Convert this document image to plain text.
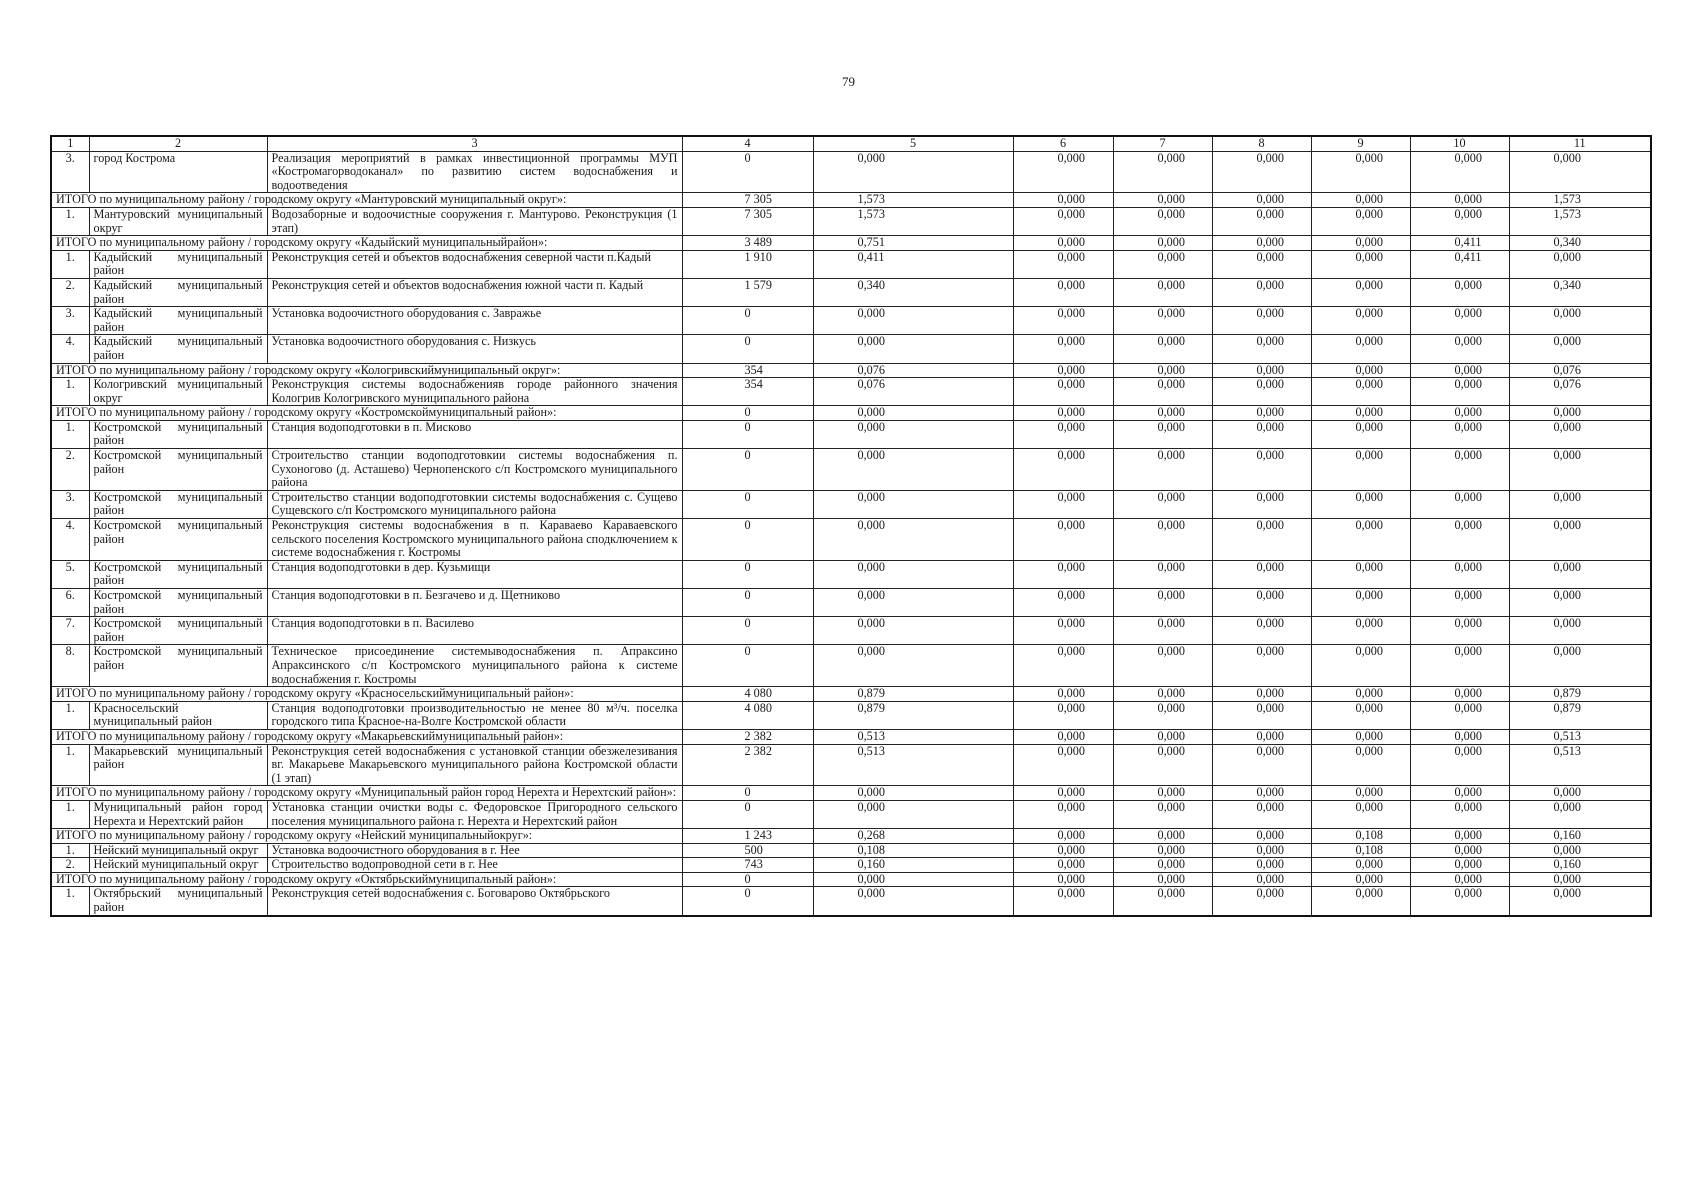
79
1	2	3	4	5	6	7	8	9	10	11
3.	город Кострома	Реализация мероприятий в рамках инвестиционной программы МУП «Костромагорводоканал» по развитию систем водоснабжения и водоотведения	0	0,000	0,000	0,000	0,000	0,000	0,000	0,000
ИТОГО по муниципальному району / городскому округу «Мантуровский муниципальный округ»:			7 305	1,573	0,000	0,000	0,000	0,000	0,000	1,573
1.	Мантуровский муниципальный округ	Водозаборные и водоочистные сооружения г. Мантурово. Реконструкция (1 этап)	7 305	1,573	0,000	0,000	0,000	0,000	0,000	1,573
ИТОГО по муниципальному району / городскому округу «Кадыйский муниципальныйрайон»:			3 489	0,751	0,000	0,000	0,000	0,000	0,411	0,340
1.	Кадыйский муниципальный район	Реконструкция сетей и объектов водоснабжения северной части п.Кадый	1 910	0,411	0,000	0,000	0,000	0,000	0,411	0,000
2.	Кадыйский муниципальный район	Реконструкция сетей и объектов водоснабжения южной части п. Кадый	1 579	0,340	0,000	0,000	0,000	0,000	0,000	0,340
3.	Кадыйский муниципальный район	Установка водоочистного оборудования с. Завражье	0	0,000	0,000	0,000	0,000	0,000	0,000	0,000
4.	Кадыйский муниципальный район	Установка водоочистного оборудования с. Низкусь	0	0,000	0,000	0,000	0,000	0,000	0,000	0,000
ИТОГО по муниципальному району / городскому округу «Кологривскиймуниципальный округ»:			354	0,076	0,000	0,000	0,000	0,000	0,000	0,076
1.	Кологривский муниципальный округ	Реконструкция системы водоснабженияв городе районного значения Кологрив Кологривского муниципального района	354	0,076	0,000	0,000	0,000	0,000	0,000	0,076
ИТОГО по муниципальному району / городскому округу «Костромскоймуниципальный район»:			0	0,000	0,000	0,000	0,000	0,000	0,000	0,000
1.	Костромской муниципальный район	Станция водоподготовки в п. Мисково	0	0,000	0,000	0,000	0,000	0,000	0,000	0,000
2.	Костромской муниципальный район	Строительство станции водоподготовкии системы водоснабжения п. Сухоногово (д. Асташево) Чернопенского с/п Костромского муниципального района	0	0,000	0,000	0,000	0,000	0,000	0,000	0,000
3.	Костромской муниципальный район	Строительство станции водоподготовкии системы водоснабжения с. Сущево Сущевского с/п Костромского муниципального района	0	0,000	0,000	0,000	0,000	0,000	0,000	0,000
4.	Костромской муниципальный район	Реконструкция системы водоснабжения в п. Караваево Караваевского сельского поселения Костромского муниципального района сподключением к системе водоснабжения г. Костромы	0	0,000	0,000	0,000	0,000	0,000	0,000	0,000
5.	Костромской муниципальный район	Станция водоподготовки в дер. Кузьмищи	0	0,000	0,000	0,000	0,000	0,000	0,000	0,000
6.	Костромской муниципальный район	Станция водоподготовки в п. Безгачево и д. Щетниково	0	0,000	0,000	0,000	0,000	0,000	0,000	0,000
7.	Костромской муниципальный район	Станция водоподготовки в п. Василево	0	0,000	0,000	0,000	0,000	0,000	0,000	0,000
8.	Костромской муниципальный район	Техническое присоединение системыводоснабжения п. Апраксино Апраксинского с/п Костромского муниципального района к системе водоснабжения г. Костромы	0	0,000	0,000	0,000	0,000	0,000	0,000	0,000
ИТОГО по муниципальному району / городскому округу «Красносельскиймуниципальный район»:			4 080	0,879	0,000	0,000	0,000	0,000	0,000	0,879
1.	Красносельский муниципальный район	Станция водоподготовки производительностью не менее 80 м³/ч. поселка городского типа Красное-на-Волге Костромской области	4 080	0,879	0,000	0,000	0,000	0,000	0,000	0,879
ИТОГО по муниципальному району / городскому округу «Макарьевскиймуниципальный район»:			2 382	0,513	0,000	0,000	0,000	0,000	0,000	0,513
1.	Макарьевский муниципальный район	Реконструкция сетей водоснабжения с установкой станции обезжелезивания вг. Макарьеве Макарьевского муниципального района Костромской области (1 этап)	2 382	0,513	0,000	0,000	0,000	0,000	0,000	0,513
ИТОГО по муниципальному району / городскому округу «Муниципальный район город Нерехта и Нерехтский район»:			0	0,000	0,000	0,000	0,000	0,000	0,000	0,000
1.	Муниципальный район город Нерехта и Нерехтский район	Установка станции очистки воды с. Федоровское Пригородного сельского поселения муниципального района г. Нерехта и Нерехтский район	0	0,000	0,000	0,000	0,000	0,000	0,000	0,000
ИТОГО по муниципальному району / городскому округу «Нейский муниципальныйокруг»:			1 243	0,268	0,000	0,000	0,000	0,108	0,000	0,160
1.	Нейский муниципальный округ	Установка водоочистного оборудования в г. Нее	500	0,108	0,000	0,000	0,000	0,108	0,000	0,000
2.	Нейский муниципальный округ	Строительство водопроводной сети в г. Нее	743	0,160	0,000	0,000	0,000	0,000	0,000	0,160
ИТОГО по муниципальному району / городскому округу «Октябрьскиймуниципальный район»:			0	0,000	0,000	0,000	0,000	0,000	0,000	0,000
1.	Октябрьский муниципальный район	Реконструкция сетей водоснабжения с. Боговарово Октябрьского	0	0,000	0,000	0,000	0,000	0,000	0,000	0,000
